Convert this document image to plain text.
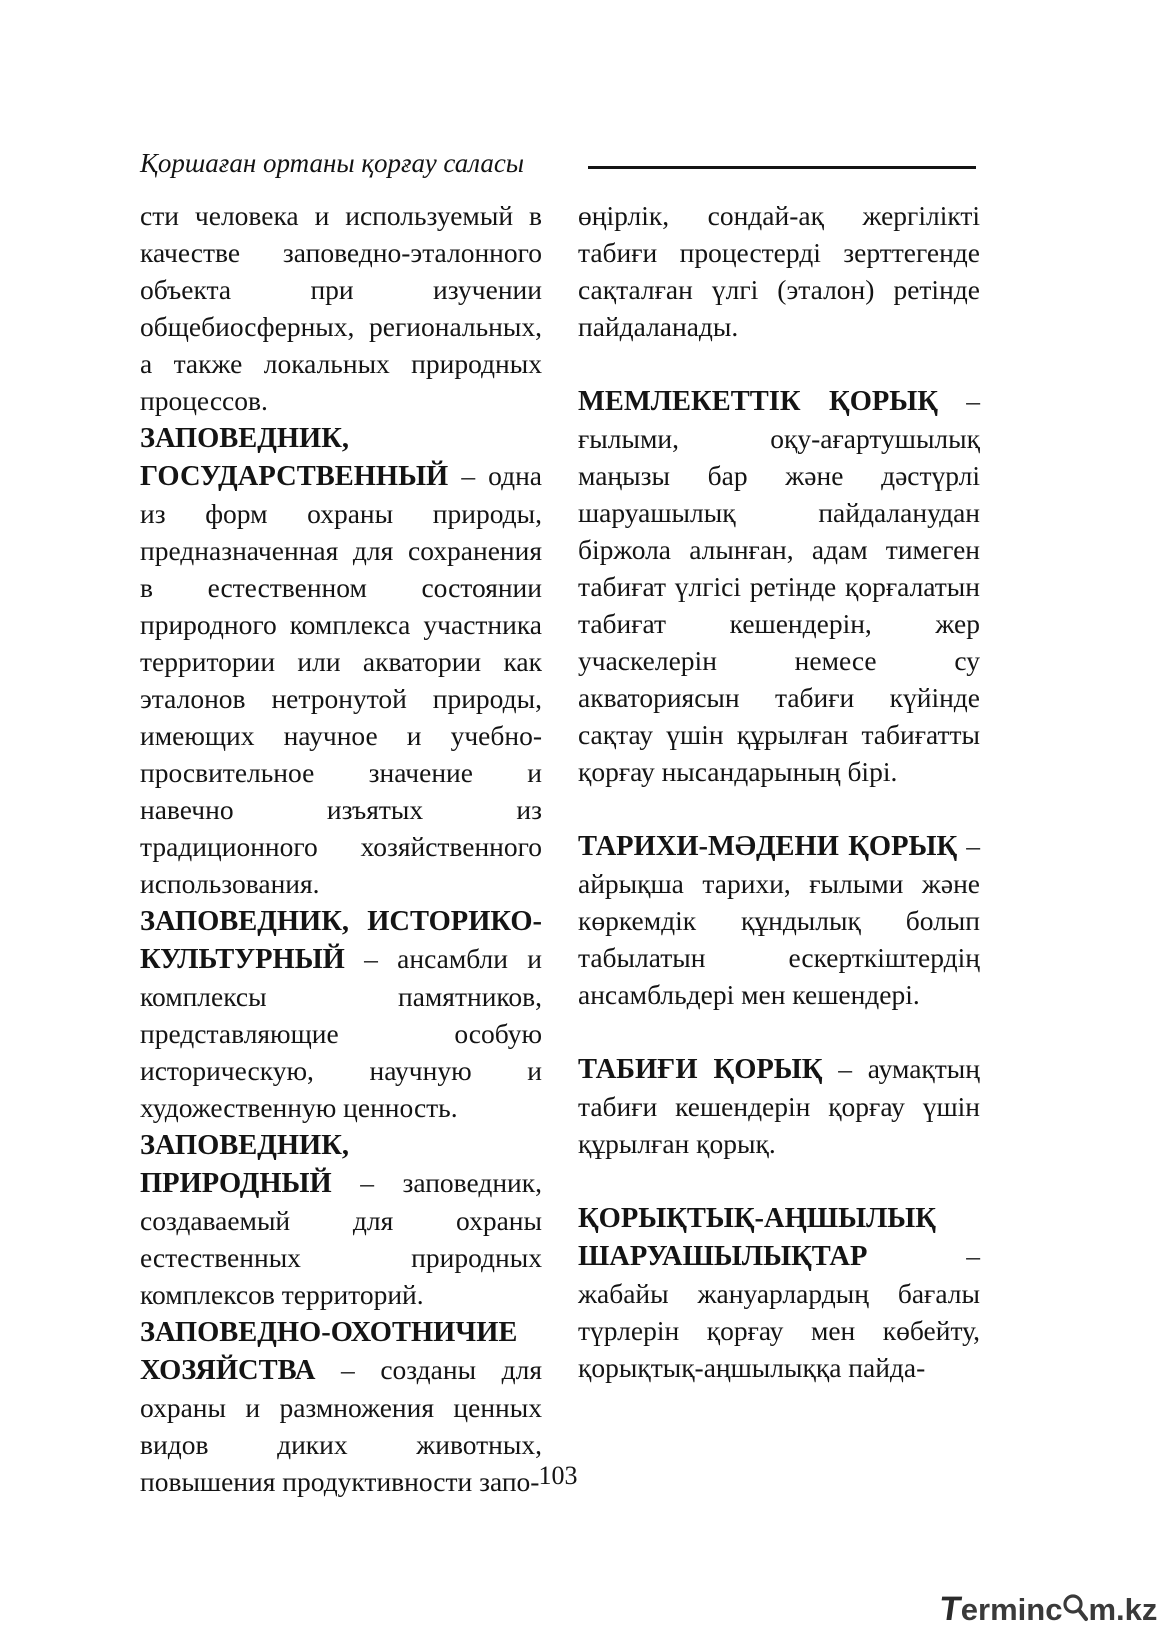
Қоршаған ортаны қорғау саласы

сти человека и используемый в качестве заповедно-эталонного объекта при изучении общебиосферных, региональных, а также локальных природных процессов.

ЗАПОВЕДНИК, ГОСУДАРСТВЕННЫЙ – одна из форм охраны природы, предназначенная для сохранения в естественном состоянии природного комплекса участника территории или акватории как эталонов нетронутой природы, имеющих научное и учебно-просвительное значение и навечно изъятых из традиционного хозяйственного использования.

ЗАПОВЕДНИК, ИСТОРИКО-КУЛЬТУРНЫЙ – ансамбли и комплексы памятников, представляющие особую историческую, научную и художественную ценность.

ЗАПОВЕДНИК, ПРИРОДНЫЙ – заповедник, создаваемый для охраны естественных природных комплексов территорий.

ЗАПОВЕДНО-ОХОТНИЧИЕ ХОЗЯЙСТВА – созданы для охраны и размножения ценных видов диких животных, повышения продуктивности запо-

өңірлік, сондай-ақ жергілікті табиғи процестерді зерттегенде сақталған үлгі (эталон) ретінде пайдаланады.

МЕМЛЕКЕТТІК ҚОРЫҚ – ғылыми, оқу-ағартушылық маңызы бар және дәстүрлі шаруашылық пайдаланудан біржола алынған, адам тимеген табиғат үлгісі ретінде қорғалатын табиғат кешендерін, жер учаскелерін немесе су акваториясын табиғи күйінде сақтау үшін құрылған табиғатты қорғау нысандарының бірі.

ТАРИХИ-МӘДЕНИ ҚОРЫҚ – айрықша тарихи, ғылыми және көркемдік құндылық болып табылатын ескерткіштердің ансамбльдері мен кешендері.

ТАБИҒИ ҚОРЫҚ – аумақтың табиғи кешендерін қорғау үшін құрылған қорық.

ҚОРЫҚТЫҚ-АҢШЫЛЫҚ ШАРУАШЫЛЫҚТАР	– жабайы жануарлардың бағалы түрлерін қорғау мен көбейту, қорықтық-аңшылыққа пайда-

103
Terminc m.kz
